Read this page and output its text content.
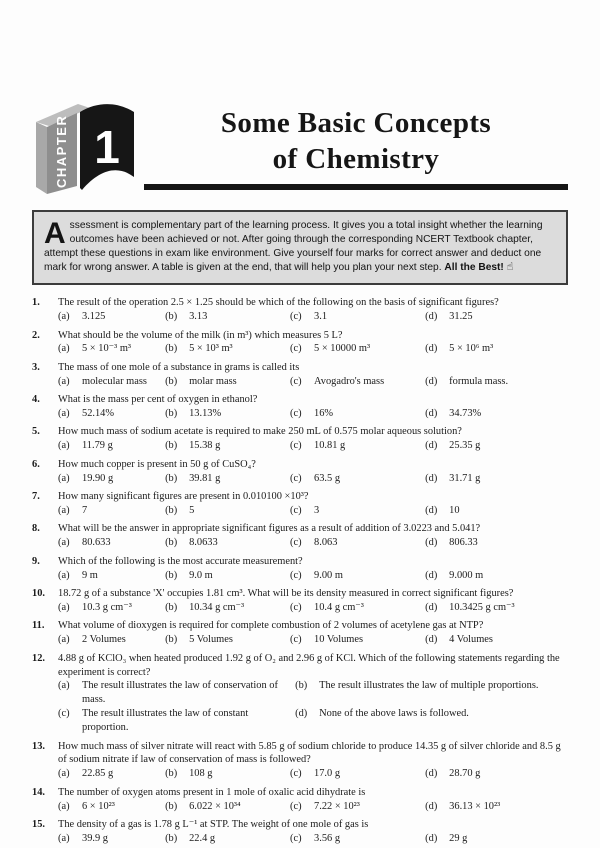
CHAPTER 1	Some Basic Concepts
of Chemistry
Assessment is complementary part of the learning process. It gives you a total insight whether the learning outcomes have been achieved or not. After going through the corresponding NCERT Textbook chapter, attempt these questions in exam like environment. Give yourself four marks for correct answer and deduct one mark for wrong answer. A table is given at the end, that will help you plan your next step. All the Best! ☝
1.	The result of the operation 2.5 × 1.25 should be which of the following on the basis of significant figures?
(a)	3.125	(b)	3.13	(c)	3.1	(d)	31.25
2.	What should be the volume of the milk (in m³) which measures 5 L?
(a)	5 × 10⁻³ m³	(b)	5 × 10³ m³	(c)	5 × 10000 m³	(d)	5 × 10⁶ m³
3.	The mass of one mole of a substance in grams is called its
(a)	molecular mass	(b)	molar mass	(c)	Avogadro's mass	(d)	formula mass.
4.	What is the mass per cent of oxygen in ethanol?
(a)	52.14%	(b)	13.13%	(c)	16%	(d)	34.73%
5.	How much mass of sodium acetate is required to make 250 mL of 0.575 molar aqueous solution?
(a)	11.79 g	(b)	15.38 g	(c)	10.81 g	(d)	25.35 g
6.	How much copper is present in 50 g of CuSO₄?
(a)	19.90 g	(b)	39.81 g	(c)	63.5 g	(d)	31.71 g
7.	How many significant figures are present in 0.010100 ×10³?
(a)	7	(b)	5	(c)	3	(d)	10
8.	What will be the answer in appropriate significant figures as a result of addition of 3.0223 and 5.041?
(a)	80.633	(b)	8.0633	(c)	8.063	(d)	806.33
9.	Which of the following is the most accurate measurement?
(a)	9 m	(b)	9.0 m	(c)	9.00 m	(d)	9.000 m
10.	18.72 g of a substance 'X' occupies 1.81 cm³. What will be its density measured in correct significant figures?
(a)	10.3 g cm⁻³	(b)	10.34 g cm⁻³	(c)	10.4 g cm⁻³	(d)	10.3425 g cm⁻³
11.	What volume of dioxygen is required for complete combustion of 2 volumes of acetylene gas at NTP?
(a)	2 Volumes	(b)	5 Volumes	(c)	10 Volumes	(d)	4 Volumes
12.	4.88 g of KClO₃ when heated produced 1.92 g of O₂ and 2.96 g of KCl. Which of the following statements regarding the experiment is correct?
(a)	The result illustrates the law of conservation of mass.
(b)	The result illustrates the law of multiple proportions.
(c)	The result illustrates the law of constant proportion.
(d)	None of the above laws is followed.
13.	How much mass of silver nitrate will react with 5.85 g of sodium chloride to produce 14.35 g of silver chloride and 8.5 g of sodium nitrate if law of conservation of mass is followed?
(a)	22.85 g	(b)	108 g	(c)	17.0 g	(d)	28.70 g
14.	The number of oxygen atoms present in 1 mole of oxalic acid dihydrate is
(a)	6 × 10²³	(b)	6.022 × 10³⁴	(c)	7.22 × 10²³	(d)	36.13 × 10²³
15.	The density of a gas is 1.78 g L⁻¹ at STP. The weight of one mole of gas is
(a)	39.9 g	(b)	22.4 g	(c)	3.56 g	(d)	29 g
